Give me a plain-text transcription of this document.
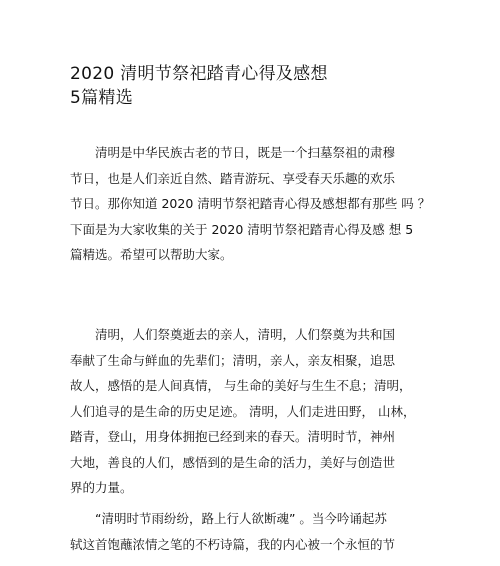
2020 清明节祭祀踏青心得及感想
5篇精选

　　清明是中华民族古老的节日，既是一个扫墓祭祖的肃穆
节日，也是人们亲近自然、踏青游玩、享受春天乐趣的欢乐
节日。那你知道 2020 清明节祭祀踏青心得及感想都有那些 吗 ？
下面是为大家收集的关于 2020 清明节祭祀踏青心得及感 想 5
篇精选。希望可以帮助大家。

　　清明，人们祭奠逝去的亲人，清明，人们祭奠为共和国
奉献了生命与鲜血的先辈们；清明，亲人，亲友相聚，追思
故人，感悟的是人间真情， 与生命的美好与生生不息；清明，
人们追寻的是生命的历史足迹。 清明，人们走进田野， 山林，
踏青，登山，用身体拥抱已经到来的春天。清明时节，神州
大地，善良的人们，感悟到的是生命的活力，美好与创造世
界的力量。

　　“清明时节雨纷纷，路上行人欲断魂” 。当今吟诵起苏
轼这首饱蘸浓情之笔的不朽诗篇，我的内心被一个永恒的节
